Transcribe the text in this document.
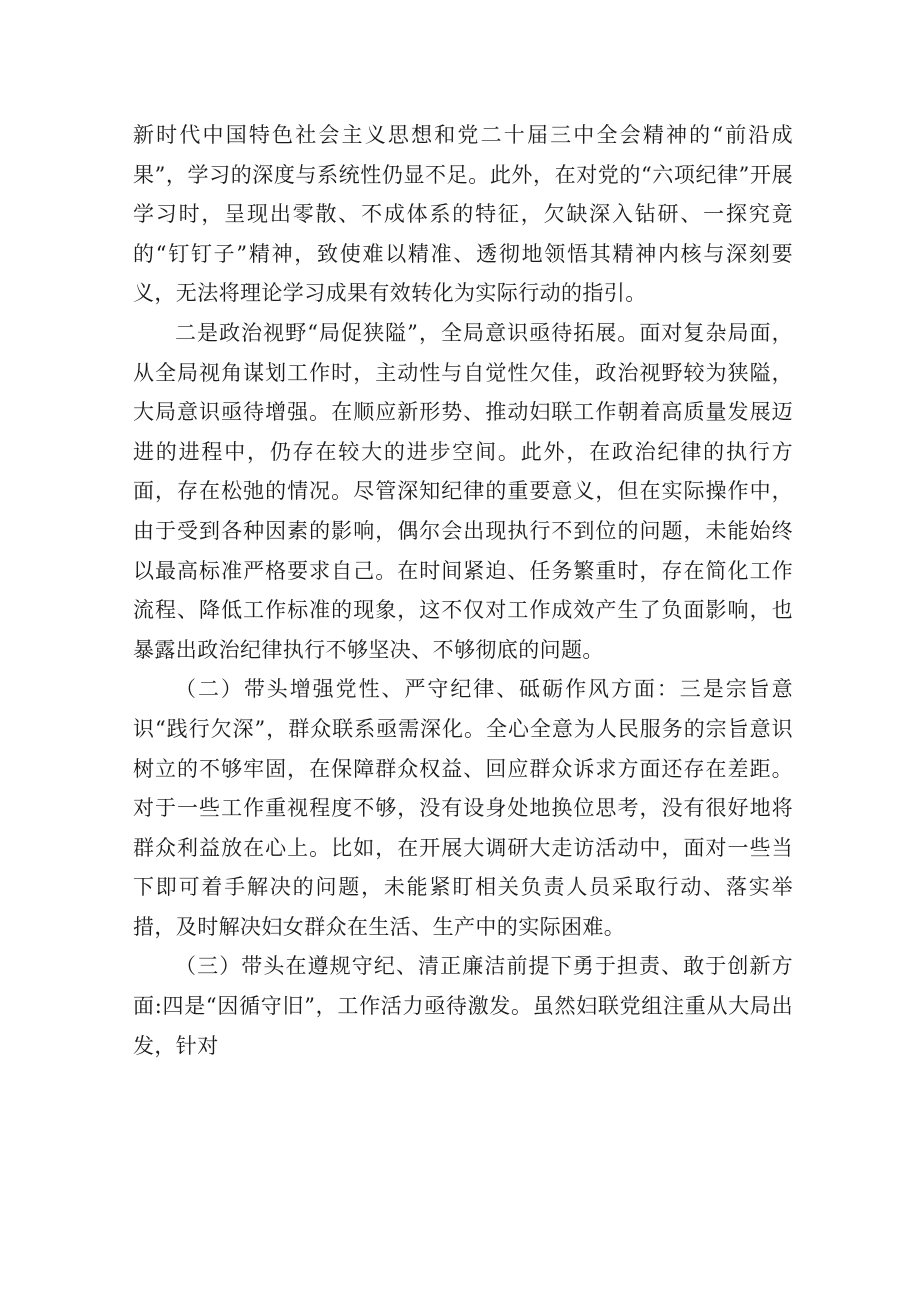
新时代中国特色社会主义思想和党二十届三中全会精神的“前沿成果”，学习的深度与系统性仍显不足。此外，在对党的“六项纪律”开展学习时，呈现出零散、不成体系的特征，欠缺深入钻研、一探究竟的“钉钉子”精神，致使难以精准、透彻地领悟其精神内核与深刻要义，无法将理论学习成果有效转化为实际行动的指引。

二是政治视野“局促狭隘”，全局意识亟待拓展。面对复杂局面，从全局视角谋划工作时，主动性与自觉性欠佳，政治视野较为狭隘，大局意识亟待增强。在顺应新形势、推动妇联工作朝着高质量发展迈进的进程中，仍存在较大的进步空间。此外，在政治纪律的执行方面，存在松弛的情况。尽管深知纪律的重要意义，但在实际操作中，由于受到各种因素的影响，偶尔会出现执行不到位的问题，未能始终以最高标准严格要求自己。在时间紧迫、任务繁重时，存在简化工作流程、降低工作标准的现象，这不仅对工作成效产生了负面影响，也暴露出政治纪律执行不够坚决、不够彻底的问题。

（二）带头增强党性、严守纪律、砥砺作风方面：三是宗旨意识“践行欠深”，群众联系亟需深化。全心全意为人民服务的宗旨意识树立的不够牢固，在保障群众权益、回应群众诉求方面还存在差距。对于一些工作重视程度不够，没有设身处地换位思考，没有很好地将群众利益放在心上。比如，在开展大调研大走访活动中，面对一些当下即可着手解决的问题，未能紧盯相关负责人员采取行动、落实举措，及时解决妇女群众在生活、生产中的实际困难。

（三）带头在遵规守纪、清正廉洁前提下勇于担责、敢于创新方面:四是“因循守旧”，工作活力亟待激发。虽然妇联党组注重从大局出发，针对
